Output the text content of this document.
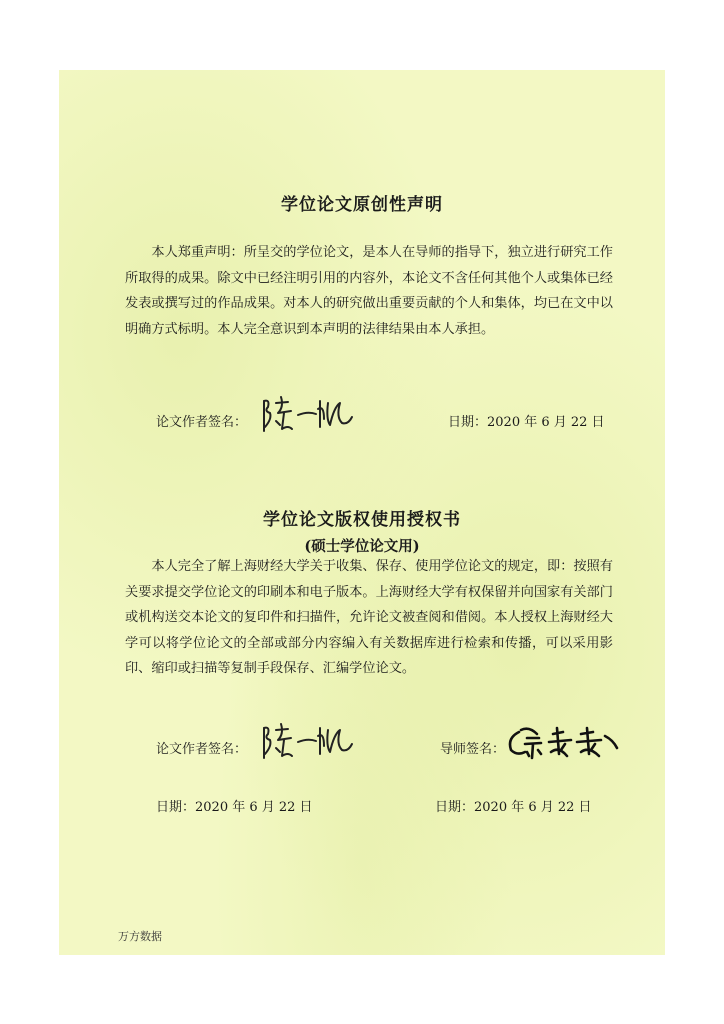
学位论文原创性声明

本人郑重声明：所呈交的学位论文，是本人在导师的指导下，独立进行研究工作所取得的成果。除文中已经注明引用的内容外，本论文不含任何其他个人或集体已经发表或撰写过的作品成果。对本人的研究做出重要贡献的个人和集体，均已在文中以明确方式标明。本人完全意识到本声明的法律结果由本人承担。

论文作者签名：	日期：2020 年 6 月 22 日
学位论文版权使用授权书
(硕士学位论文用)

本人完全了解上海财经大学关于收集、保存、使用学位论文的规定，即：按照有关要求提交学位论文的印刷本和电子版本。上海财经大学有权保留并向国家有关部门或机构送交本论文的复印件和扫描件，允许论文被查阅和借阅。本人授权上海财经大学可以将学位论文的全部或部分内容编入有关数据库进行检索和传播，可以采用影印、缩印或扫描等复制手段保存、汇编学位论文。

论文作者签名：	导师签名：
日期：2020 年 6 月 22 日	日期：2020 年 6 月 22 日
万方数据
